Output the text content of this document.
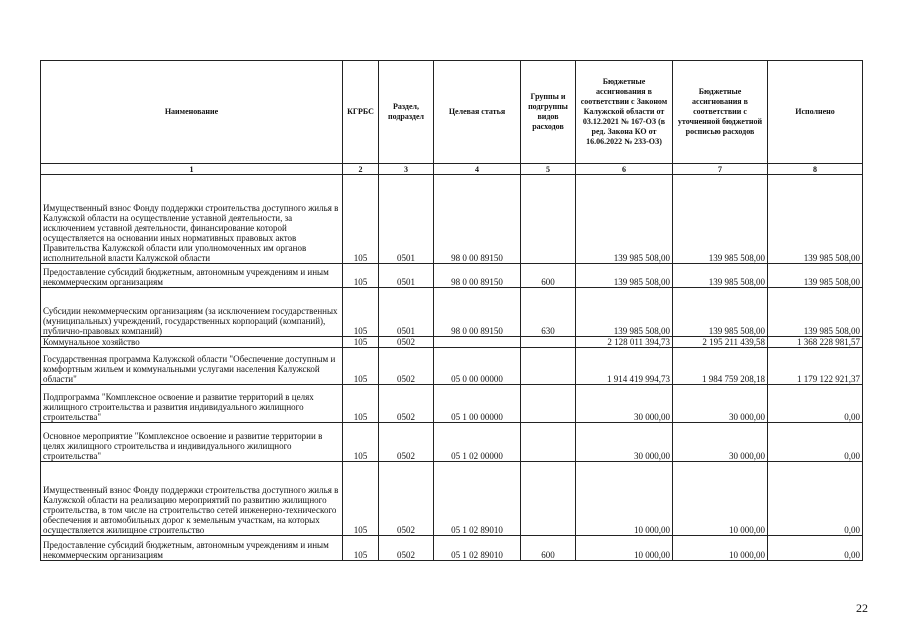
Наименование	КГРБС	Раздел, подраздел	Целевая статья	Группы и подгруппы видов расходов	Бюджетные ассигнования в соответствии с Законом Калужской области от 03.12.2021 № 167-ОЗ (в ред. Закона КО от 16.06.2022 № 233-ОЗ)	Бюджетные ассигнования в соответствии с уточненной бюджетной росписью расходов	Исполнено
1	2	3	4	5	6	7	8
Имущественный взнос Фонду поддержки строительства доступного жилья в Калужской области на осуществление уставной деятельности, за исключением уставной деятельности, финансирование которой осуществляется на основании иных нормативных правовых актов Правительства Калужской области или уполномоченных им органов исполнительной власти Калужской области	105	0501	98 0 00 89150		139 985 508,00	139 985 508,00	139 985 508,00
Предоставление субсидий бюджетным, автономным учреждениям и иным некоммерческим организациям	105	0501	98 0 00 89150	600	139 985 508,00	139 985 508,00	139 985 508,00
Субсидии некоммерческим организациям (за исключением государственных (муниципальных) учреждений, государственных корпораций (компаний), публично-правовых компаний)	105	0501	98 0 00 89150	630	139 985 508,00	139 985 508,00	139 985 508,00
Коммунальное хозяйство	105	0502			2 128 011 394,73	2 195 211 439,58	1 368 228 981,57
Государственная программа Калужской области "Обеспечение доступным и комфортным жильем и коммунальными услугами населения Калужской области"	105	0502	05 0 00 00000		1 914 419 994,73	1 984 759 208,18	1 179 122 921,37
Подпрограмма "Комплексное освоение и развитие территорий в целях жилищного строительства и развития индивидуального жилищного строительства"	105	0502	05 1 00 00000		30 000,00	30 000,00	0,00
Основное мероприятие "Комплексное освоение и развитие территории в целях жилищного строительства и индивидуального жилищного строительства"	105	0502	05 1 02 00000		30 000,00	30 000,00	0,00
Имущественный взнос Фонду поддержки строительства доступного жилья в Калужской области на реализацию мероприятий по развитию жилищного строительства, в том числе на строительство сетей инженерно-технического обеспечения и автомобильных дорог к земельным участкам, на которых осуществляется жилищное строительство	105	0502	05 1 02 89010		10 000,00	10 000,00	0,00
Предоставление субсидий бюджетным, автономным учреждениям и иным некоммерческим организациям	105	0502	05 1 02 89010	600	10 000,00	10 000,00	0,00
22
